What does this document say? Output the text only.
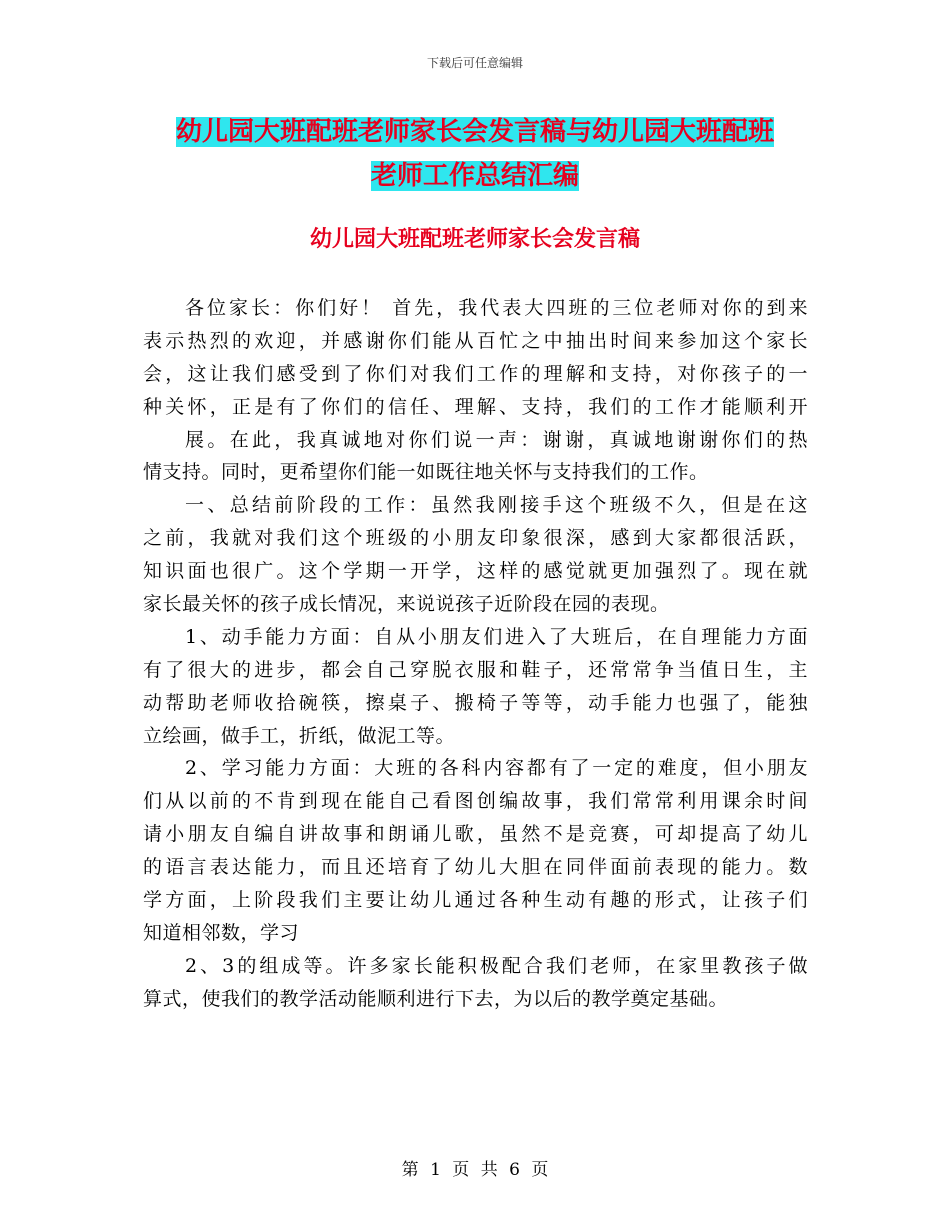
下载后可任意编辑
幼儿园大班配班老师家长会发言稿与幼儿园大班配班
老师工作总结汇编
幼儿园大班配班老师家长会发言稿
各位家长：你们好！ 首先，我代表大四班的三位老师对你的到来
表示热烈的欢迎，并感谢你们能从百忙之中抽出时间来参加这个家长
会，这让我们感受到了你们对我们工作的理解和支持，对你孩子的一
种关怀，正是有了你们的信任、理解、支持，我们的工作才能顺利开
展。在此，我真诚地对你们说一声：谢谢，真诚地谢谢你们的热
情支持。同时，更希望你们能一如既往地关怀与支持我们的工作。
一、总结前阶段的工作：虽然我刚接手这个班级不久，但是在这
之前，我就对我们这个班级的小朋友印象很深，感到大家都很活跃，
知识面也很广。这个学期一开学，这样的感觉就更加强烈了。现在就
家长最关怀的孩子成长情况，来说说孩子近阶段在园的表现。
1、动手能力方面：自从小朋友们进入了大班后，在自理能力方面
有了很大的进步，都会自己穿脱衣服和鞋子，还常常争当值日生，主
动帮助老师收拾碗筷，擦桌子、搬椅子等等，动手能力也强了，能独
立绘画，做手工，折纸，做泥工等。
2、学习能力方面：大班的各科内容都有了一定的难度，但小朋友
们从以前的不肯到现在能自己看图创编故事，我们常常利用课余时间
请小朋友自编自讲故事和朗诵儿歌，虽然不是竞赛，可却提高了幼儿
的语言表达能力，而且还培育了幼儿大胆在同伴面前表现的能力。数
学方面，上阶段我们主要让幼儿通过各种生动有趣的形式，让孩子们
知道相邻数，学习
2、3的组成等。许多家长能积极配合我们老师，在家里教孩子做
算式，使我们的教学活动能顺利进行下去，为以后的教学奠定基础。
第 1 页 共 6 页
